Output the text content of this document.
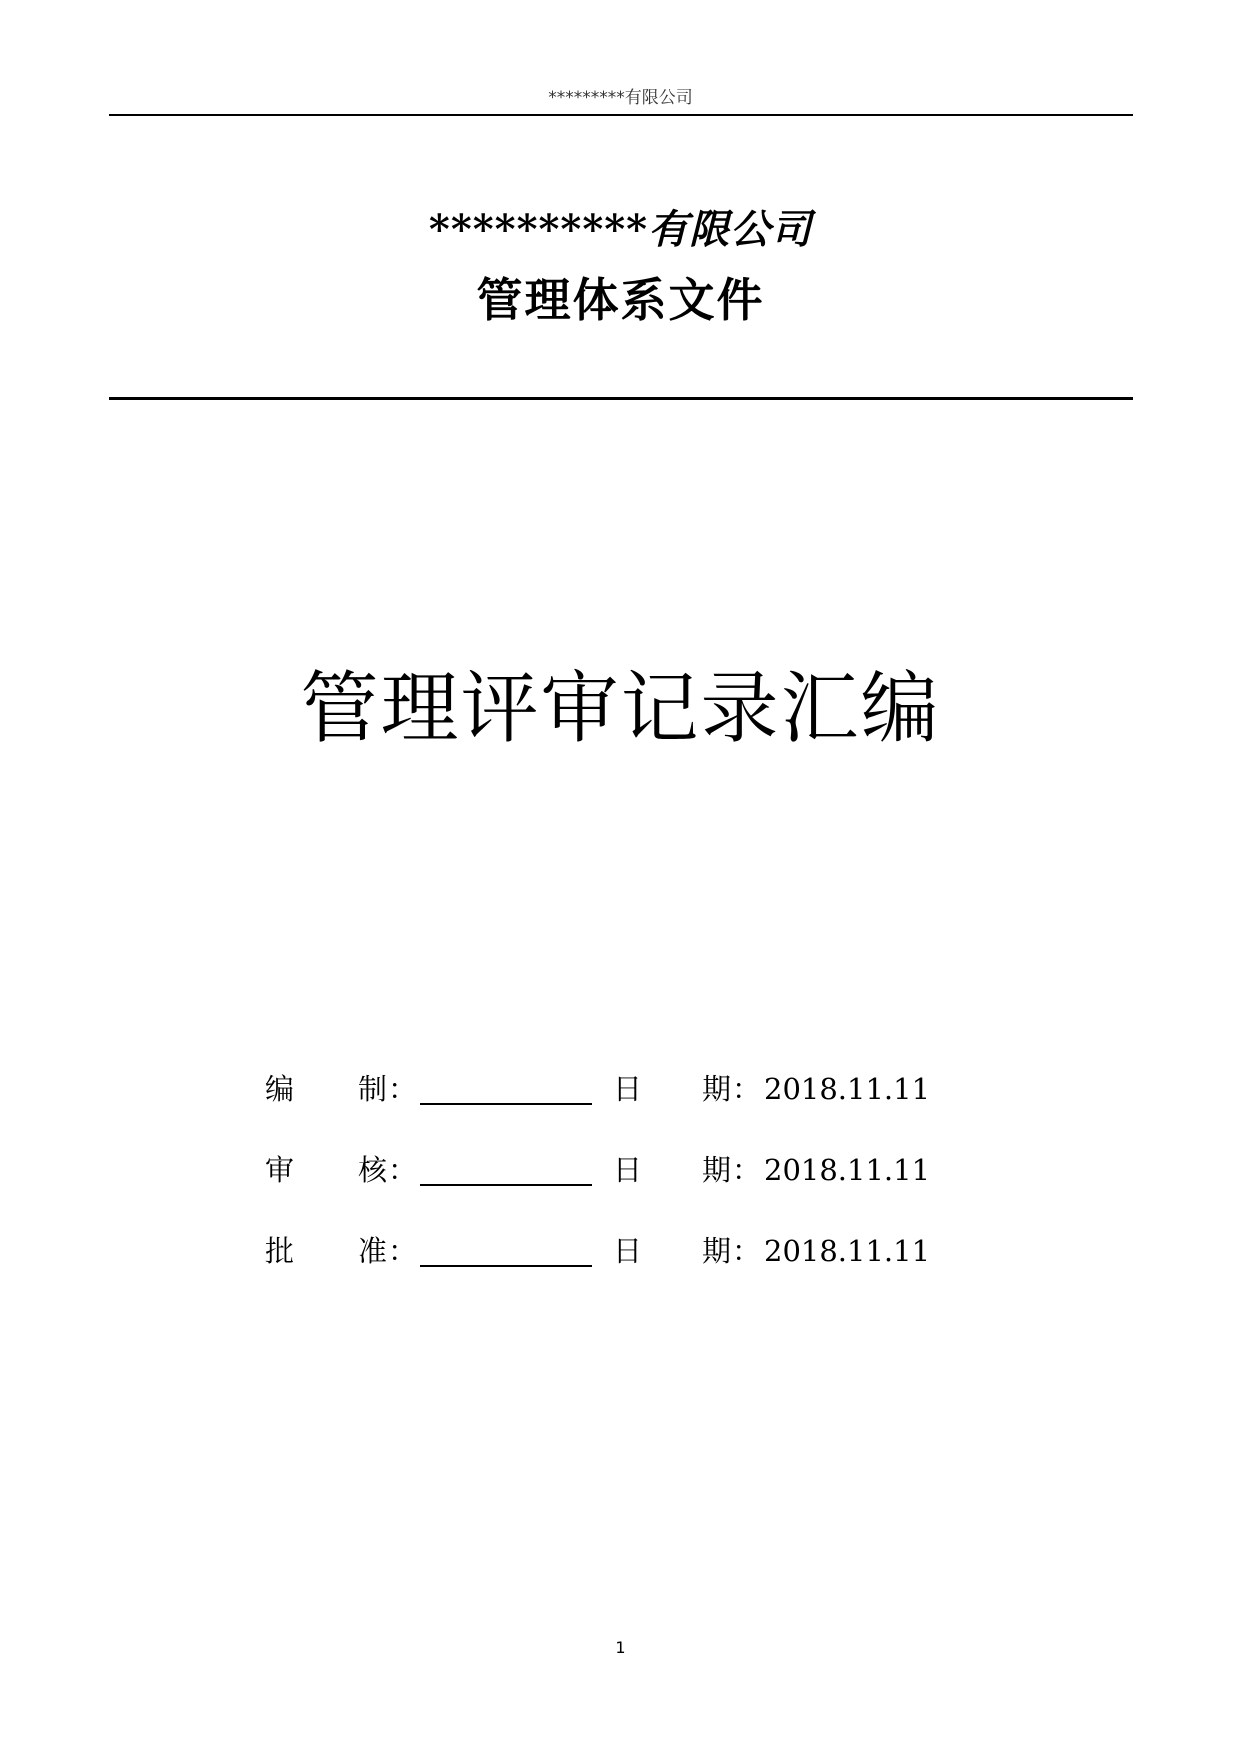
*********有限公司
**********有限公司
管理体系文件
管理评审记录汇编
编 制 ：	日 期 ： 2018.11.11
审 核 ：	日 期 ： 2018.11.11
批 准 ：	日 期 ： 2018.11.11
1
